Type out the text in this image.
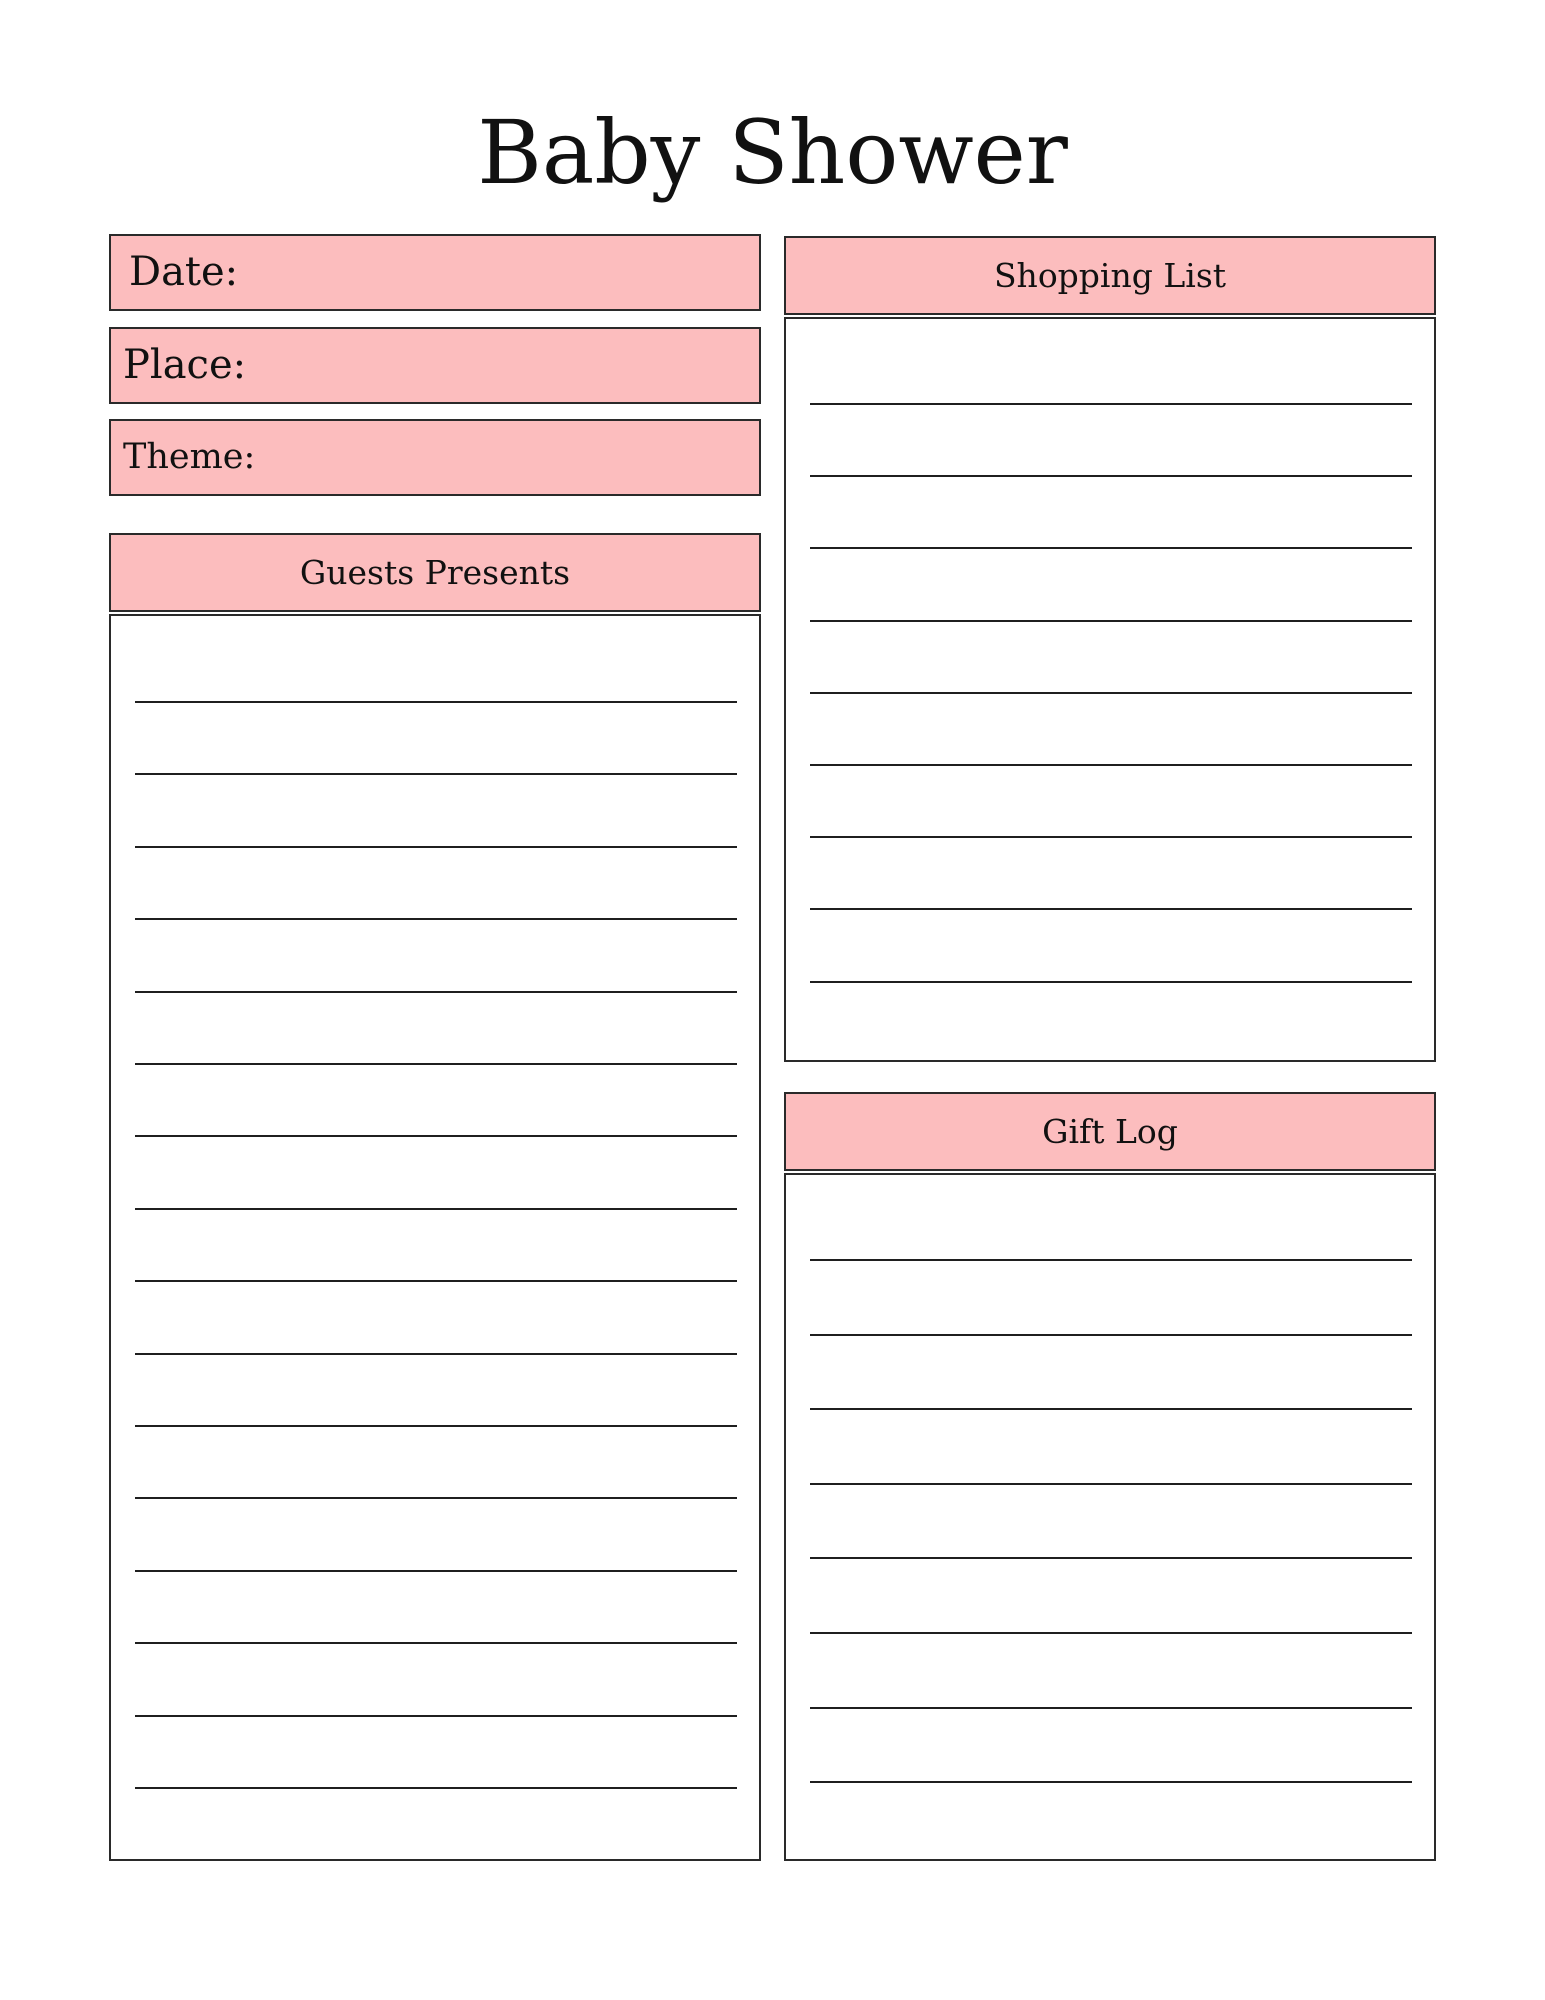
Baby Shower
Date:
Place:
Theme:
Guests Presents
Shopping List
Gift Log
